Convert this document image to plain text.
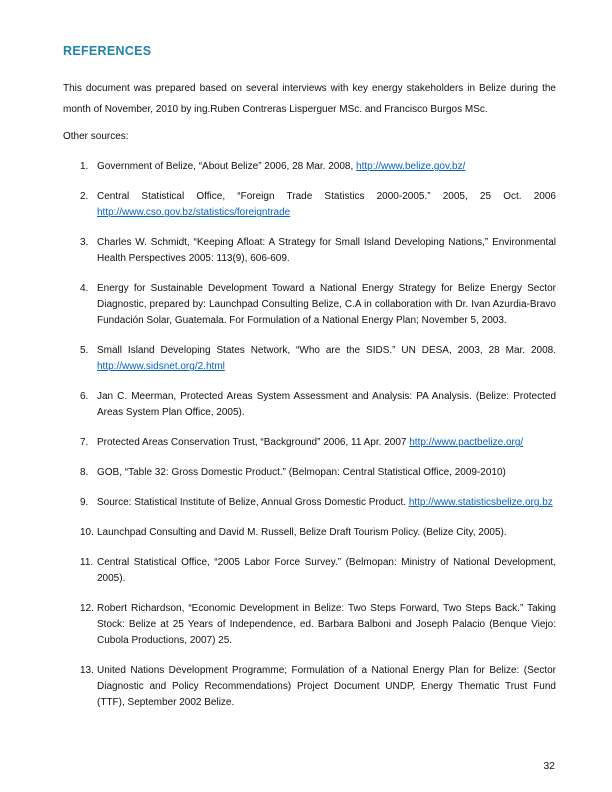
REFERENCES

This document was prepared based on several interviews with key energy stakeholders in Belize during the month of November, 2010 by ing.Ruben Contreras Lisperguer MSc. and Francisco Burgos MSc.

Other sources:

1. Government of Belize, “About Belize” 2006, 28 Mar. 2008, http://www.belize.gov.bz/
2. Central Statistical Office, “Foreign Trade Statistics 2000-2005.” 2005, 25 Oct. 2006 http://www.cso.gov.bz/statistics/foreigntrade
3. Charles W. Schmidt, “Keeping Afloat: A Strategy for Small Island Developing Nations,” Environmental Health Perspectives 2005: 113(9), 606-609.
4. Energy for Sustainable Development Toward a National Energy Strategy for Belize Energy Sector Diagnostic, prepared by: Launchpad Consulting Belize, C.A in collaboration with Dr. Ivan Azurdia-Bravo Fundación Solar, Guatemala. For Formulation of a National Energy Plan; November 5, 2003.
5. Small Island Developing States Network, “Who are the SIDS.” UN DESA, 2003, 28 Mar. 2008. http://www.sidsnet.org/2.html
6. Jan C. Meerman, Protected Areas System Assessment and Analysis: PA Analysis. (Belize: Protected Areas System Plan Office, 2005).
7. Protected Areas Conservation Trust, “Background” 2006, 11 Apr. 2007 http://www.pactbelize.org/
8. GOB, “Table 32: Gross Domestic Product.” (Belmopan: Central Statistical Office, 2009-2010)
9. Source: Statistical Institute of Belize, Annual Gross Domestic Product. http://www.statisticsbelize.org.bz
10. Launchpad Consulting and David M. Russell, Belize Draft Tourism Policy. (Belize City, 2005).
11. Central Statistical Office, “2005 Labor Force Survey.” (Belmopan: Ministry of National Development, 2005).
12. Robert Richardson, “Economic Development in Belize: Two Steps Forward, Two Steps Back.” Taking Stock: Belize at 25 Years of Independence, ed. Barbara Balboni and Joseph Palacio (Benque Viejo: Cubola Productions, 2007) 25.
13. United Nations Development Programme; Formulation of a National Energy Plan for Belize: (Sector Diagnostic and Policy Recommendations) Project Document UNDP, Energy Thematic Trust Fund (TTF), September 2002 Belize.
32
